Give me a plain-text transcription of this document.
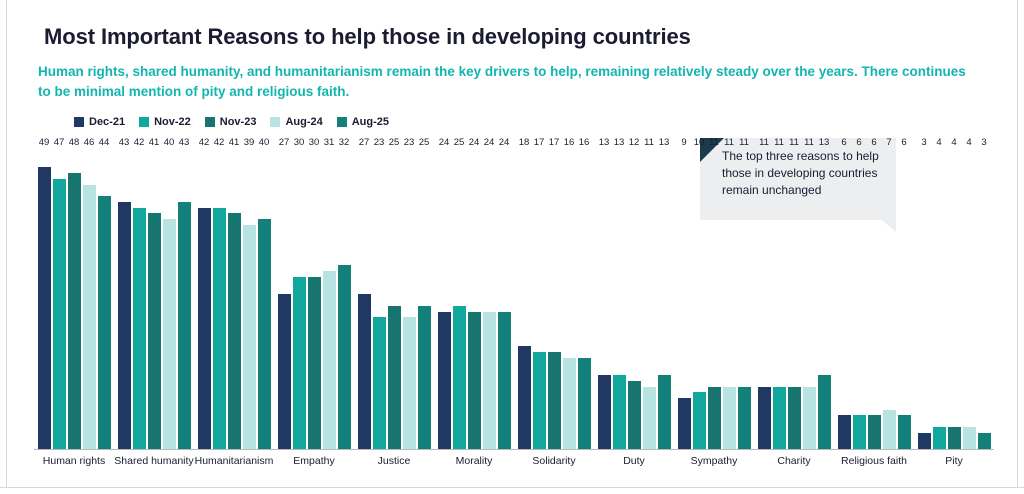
Most Important Reasons to help those in developing countries
Human rights, shared humanity, and humanitarianism remain the key drivers to help, remaining relatively steady over the years. There continues to be minimal mention of pity and religious faith.
Dec-21	Nov-22	Nov-23	Aug-24	Aug-25
The top three reasons to help those in developing countries remain unchanged
49 47 48 46 44 43 42 41 40 43 42 42 41 39 40 27 30 30 31 32 27 23 25 23 25 24 25 24 24 24 18 17 17 16 16 13 13 12 11 13 9 10 11 11 11 11 11 11 11 13 6 6 6 7 6 3 4 4 4 3
Human rights Shared humanity Humanitarianism	Empathy	Justice	Morality	Solidarity	Duty	Sympathy	Charity	Religious faith	Pity
